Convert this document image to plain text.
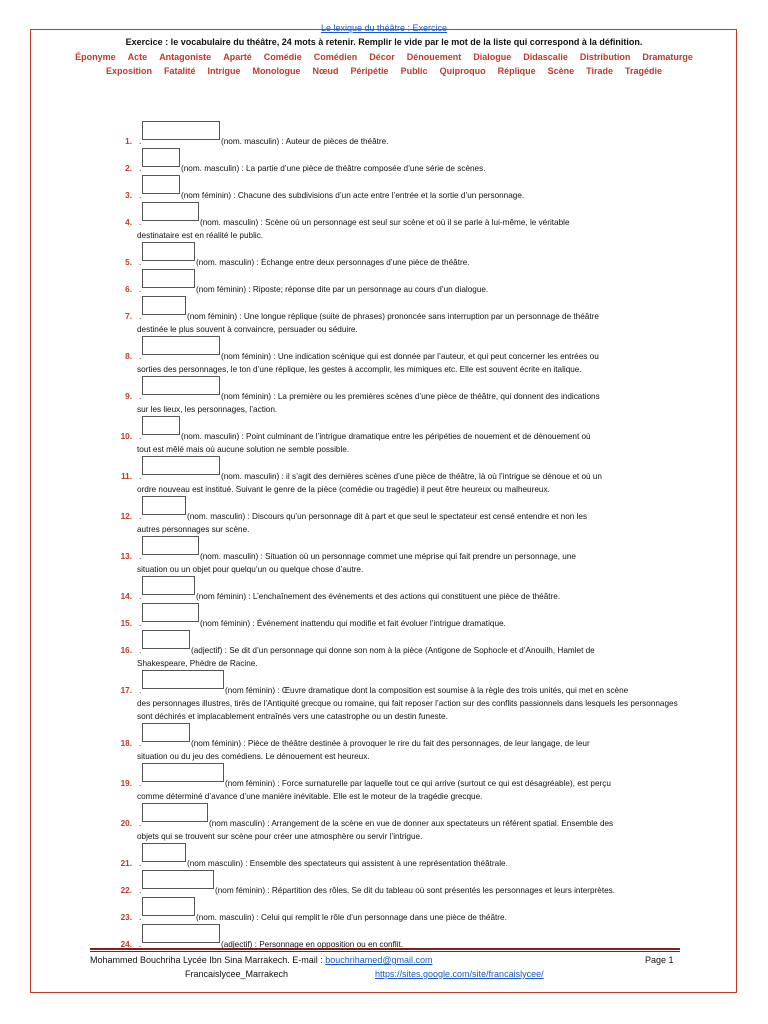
Le lexique du théâtre : Exercice
Exercice : le vocabulaire du théâtre, 24 mots à retenir. Remplir le vide par le mot de la liste qui correspond à la définition.
Éponyme Acte Antagoniste Aparté Comédie Comédien Décor Dénouement Dialogue Didascalie Distribution DramaturgeExposition Fatalité Intrigue Monologue Nœud Péripétie Public Quiproquo Réplique Scène Tirade Tragédie
1. .	(nom. masculin) : Auteur de pièces de théâtre.
2. .	(nom. masculin) : La partie d’une pièce de théâtre composée d’une série de scènes.
3. .	(nom féminin) : Chacune des subdivisions d’un acte entre l’entrée et la sortie d’un personnage.
4. .	(nom. masculin) : Scène où un personnage est seul sur scène et où il se parle à lui-même, le véritable
destinataire est en réalité le public.
5. .	(nom. masculin) : Échange entre deux personnages d’une pièce de théâtre.
6. .	(nom féminin) : Riposte; réponse dite par un personnage au cours d’un dialogue.
7. .	(nom féminin) : Une longue réplique (suite de phrases) prononcée sans interruption par un personnage de théâtre
destinée le plus souvent à convaincre, persuader ou séduire.
8. .	(nom féminin) : Une indication scénique qui est donnée par l’auteur, et qui peut concerner les entrées ou
sorties des personnages, le ton d’une réplique, les gestes à accomplir, les mimiques etc. Elle est souvent écrite en italique.
9. .	(nom féminin) : La première ou les premières scènes d’une pièce de théâtre, qui donnent des indications
sur les lieux, les personnages, l’action.
10. .	(nom. masculin) : Point culminant de l’intrigue dramatique entre les péripéties de nouement et de dénouement où
tout est mêlé mais où aucune solution ne semble possible.
11. .	(nom. masculin) : il s’agit des dernières scènes d’une pièce de théâtre, là où l’intrigue se dénoue et où un
ordre nouveau est institué. Suivant le genre de la pièce (comédie ou tragédie) il peut être heureux ou malheureux.
12. .	(nom. masculin) : Discours qu’un personnage dit à part et que seul le spectateur est censé entendre et non les
autres personnages sur scène.
13. .	(nom. masculin) : Situation où un personnage commet une méprise qui fait prendre un personnage, une
situation ou un objet pour quelqu’un ou quelque chose d’autre.
14. .	(nom féminin) : L’enchaînement des événements et des actions qui constituent une pièce de théâtre.
15. .	(nom féminin) : Événement inattendu qui modifie et fait évoluer l’intrigue dramatique.
16. .	(adjectif) : Se dit d’un personnage qui donne son nom à la pièce (Antigone de Sophocle et d’Anouilh, Hamlet de
Shakespeare, Phèdre de Racine.
17. .	(nom féminin) : Œuvre dramatique dont la composition est soumise à la règle des trois unités, qui met en scène
des personnages illustres, tirés de l’Antiquité grecque ou romaine, qui fait reposer l’action sur des conflits passionnels dans lesquels les personnages sont déchirés et implacablement entraînés vers une catastrophe ou un destin funeste.
18. .	(nom féminin) : Pièce de théâtre destinée à provoquer le rire du fait des personnages, de leur langage, de leur
situation ou du jeu des comédiens. Le dénouement est heureux.
19. .	(nom féminin) : Force surnaturelle par laquelle tout ce qui arrive (surtout ce qui est désagréable), est perçu
comme déterminé d’avance d’une manière inévitable. Elle est le moteur de la tragédie grecque.
20. .	(nom masculin) : Arrangement de la scène en vue de donner aux spectateurs un référent spatial. Ensemble des
objets qui se trouvent sur scène pour créer une atmosphère ou servir l’intrigue.
21. .	(nom masculin) : Ensemble des spectateurs qui assistent à une représentation théâtrale.
22. .	(nom féminin) : Répartition des rôles. Se dit du tableau où sont présentés les personnages et leurs interprètes.
23. .	(nom. masculin) : Celui qui remplit le rôle d’un personnage dans une pièce de théâtre.
24. .	(adjectif) : Personnage en opposition ou en conflit.
Mohammed Bouchriha Lycée Ibn Sina Marrakech. E-mail : bouchrihamed@gmail.com	Page 1
Francaislycee_Marrakech	https://sites.google.com/site/francaislycee/
